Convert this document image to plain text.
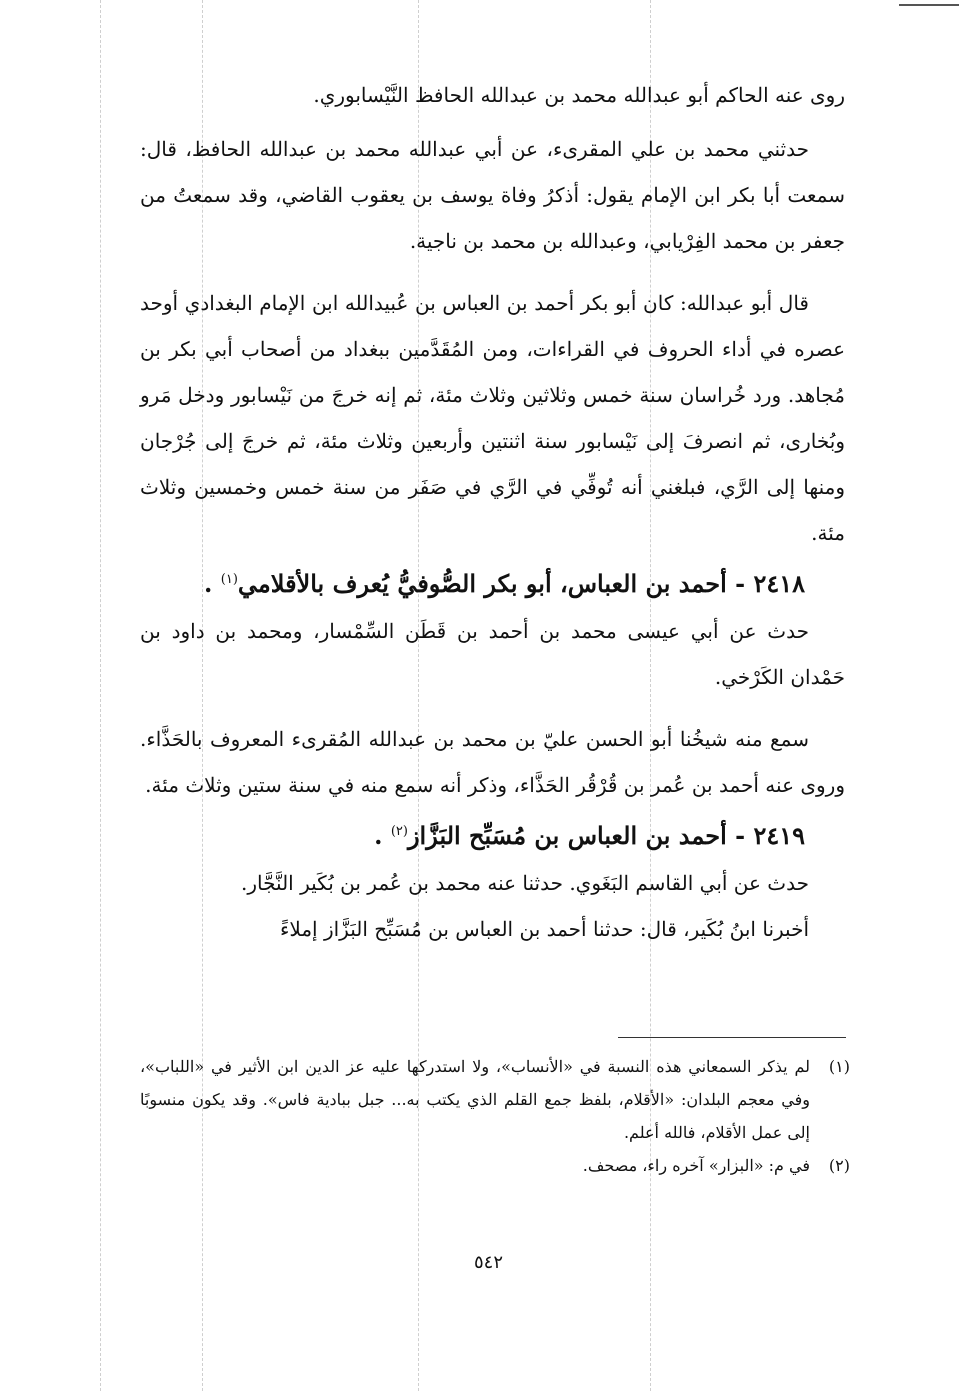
روى عنه الحاكم أبو عبدالله محمد بن عبدالله الحافظ النَّيْسابوري.

حدثني محمد بن علي المقرىء، عن أبي عبدالله محمد بن عبدالله الحافظ، قال: سمعت أبا بكر ابن الإمام يقول: أذكرُ وفاة يوسف بن يعقوب القاضي، وقد سمعتُ من جعفر بن محمد الفِرْيابي، وعبدالله بن محمد بن ناجية.

قال أبو عبدالله: كان أبو بكر أحمد بن العباس بن عُبيدالله ابن الإمام البغدادي أوحد عصره في أداء الحروف في القراءات، ومن المُقَدَّمين ببغداد من أصحاب أبي بكر بن مُجاهد. ورد خُراسان سنة خمس وثلاثين وثلاث مئة، ثم إنه خرجَ من نَيْسابور ودخل مَرو وبُخارى، ثم انصرفَ إلى نَيْسابور سنة اثنتين وأربعين وثلاث مئة، ثم خرجَ إلى جُرْجان ومنها إلى الرَّي، فبلغني أنه تُوفِّي في الرَّي في صَفَر من سنة خمس وخمسين وثلاث مئة.

٢٤١٨ - أحمد بن العباس، أبو بكر الصُّوفيُّ يُعرف بالأقلامي$^{(١)}$ .

حدث عن أبي عيسى محمد بن أحمد بن قَطَن السِّمْسار، ومحمد بن داود بن حَمْدان الكَرْخي.

سمع منه شيخُنا أبو الحسن عليّ بن محمد بن عبدالله المُقرىء المعروف بالحَذَّاء. وروى عنه أحمد بن عُمر بن قُرْقُر الحَذَّاء، وذكر أنه سمع منه في سنة ستين وثلاث مئة.

٢٤١٩ - أحمد بن العباس بن مُسَبِّح البَزَّاز$^{(٢)}$ .

حدث عن أبي القاسم البَغَوي. حدثنا عنه محمد بن عُمر بن بُكَير النَّجَّار.

أخبرنا ابنُ بُكَير، قال: حدثنا أحمد بن العباس بن مُسَبِّح البَزَّاز إملاءً

(١)
لم يذكر السمعاني هذه النسبة في «الأنساب»، ولا استدركها عليه عز الدين ابن الأثير في «اللباب»، وفي معجم البلدان: «الأقلام، بلفظ جمع القلم الذي يكتب به... جبل ببادية فاس». وقد يكون منسوبًا إلى عمل الأقلام، فالله أعلم.
(٢)
في م: «البزار» آخره راء، مصحف.
٥٤٢
